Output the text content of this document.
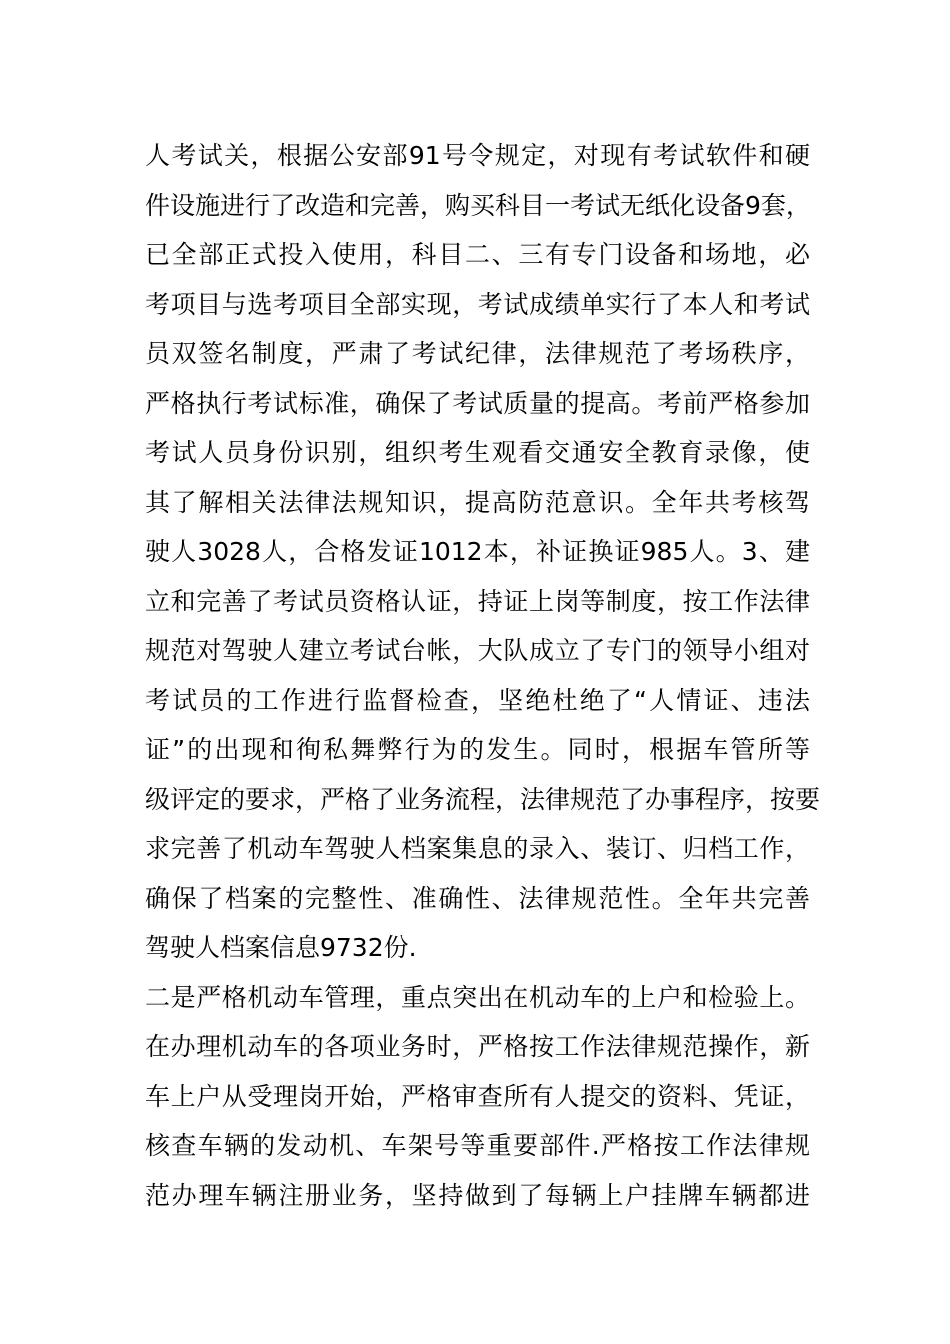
人考试关，根据公安部91号令规定，对现有考试软件和硬
件设施进行了改造和完善，购买科目一考试无纸化设备9套，
已全部正式投入使用，科目二、三有专门设备和场地，必
考项目与选考项目全部实现，考试成绩单实行了本人和考试
员双签名制度，严肃了考试纪律，法律规范了考场秩序，
严格执行考试标准，确保了考试质量的提高。考前严格参加
考试人员身份识别，组织考生观看交通安全教育录像，使
其了解相关法律法规知识，提高防范意识。全年共考核驾
驶人3028人，合格发证1012本，补证换证985人。3、建
立和完善了考试员资格认证，持证上岗等制度，按工作法律
规范对驾驶人建立考试台帐，大队成立了专门的领导小组对
考试员的工作进行监督检查，坚绝杜绝了“人情证、违法
证”的出现和徇私舞弊行为的发生。同时，根据车管所等
级评定的要求，严格了业务流程，法律规范了办事程序，按要
求完善了机动车驾驶人档案集息的录入、装订、归档工作，
确保了档案的完整性、准确性、法律规范性。全年共完善
驾驶人档案信息9732份.
二是严格机动车管理，重点突出在机动车的上户和检验上。
在办理机动车的各项业务时，严格按工作法律规范操作，新
车上户从受理岗开始，严格审查所有人提交的资料、凭证，
核查车辆的发动机、车架号等重要部件.严格按工作法律规
范办理车辆注册业务，坚持做到了每辆上户挂牌车辆都进
